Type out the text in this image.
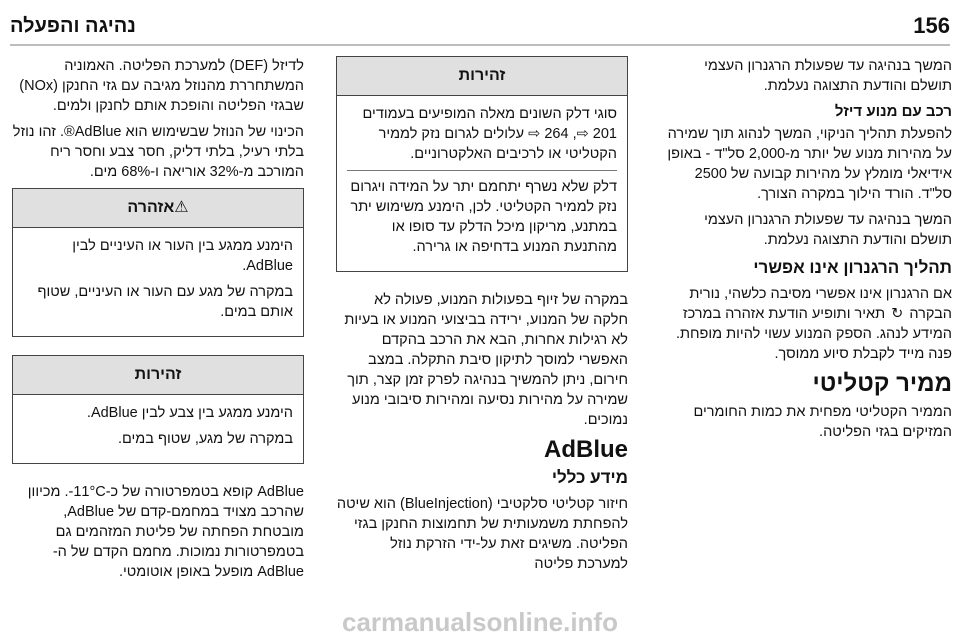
156
נהיגה והפעלה

המשך בנהיגה עד שפעולת הרגנרון העצמי תושלם והודעת התצוגה נעלמת.

רכב עם מנוע דיזל

להפעלת תהליך הניקוי, המשך לנהוג תוך שמירה על מהירות מנוע של יותר מ-2,000 סל"ד - באופן אידיאלי מומלץ על מהירות קבועה של 2500 סל"ד. הורד הילוך במקרה הצורך.

המשך בנהיגה עד שפעולת הרגנרון העצמי תושלם והודעת התצוגה נעלמת.

תהליך הרגנרון אינו אפשרי

אם הרגנרון אינו אפשרי מסיבה כלשהי, נורית הבקרה ↻ תאיר ותופיע הודעת אזהרה במרכז המידע לנהג. הספק המנוע עשוי להיות מופחת. פנה מייד לקבלת סיוע ממוסך.

ממיר קטליטי

הממיר הקטליטי מפחית את כמות החומרים המזיקים בגזי הפליטה.

זהירות

סוגי דלק השונים מאלה המופיעים בעמודים 201 ⇨, 264 ⇨ עלולים לגרום נזק לממיר הקטליטי או לרכיבים האלקטרוניים.

דלק שלא נשרף יתחמם יתר על המידה ויגרום נזק לממיר הקטליטי. לכן, הימנע משימוש יתר במתנע, מריקון מיכל הדלק עד סופו או מהתנעת המנוע בדחיפה או גרירה.

במקרה של זיוף בפעולות המנוע, פעולה לא חלקה של המנוע, ירידה בביצועי המנוע או בעיות לא רגילות אחרות, הבא את הרכב בהקדם האפשרי למוסך לתיקון סיבת התקלה. במצב חירום, ניתן להמשיך בנהיגה לפרק זמן קצר, תוך שמירה על מהירות נסיעה ומהירות סיבובי מנוע נמוכים.

AdBlue
מידע כללי

חיזור קטליטי סלקטיבי (BlueInjection) הוא שיטה להפחתת משמעותית של תחמוצות החנקן בגזי הפליטה. משיגים זאת על-ידי הזרקת נוזל למערכת פליטה

לדיזל (DEF) למערכת הפליטה. האמוניה המשתחררת מהנוזל מגיבה עם גזי החנקן (NOx) שבגזי הפליטה והופכת אותם לחנקן ולמים.

הכינוי של הנוזל שבשימוש הוא AdBlue®. זהו נוזל בלתי רעיל, בלתי דליק, חסר צבע וחסר ריח המורכב מ-32% אוריאה ו-68% מים.

⚠אזהרה

הימנע ממגע בין העור או העיניים לבין AdBlue.

במקרה של מגע עם העור או העיניים, שטוף אותם במים.

זהירות

הימנע ממגע בין צבע לבין AdBlue.

במקרה של מגע, שטוף במים.

AdBlue קופא בטמפרטורה של כ-11°C-. מכיוון שהרכב מצויד במחמם-קדם של AdBlue, מובטחת הפחתה של פליטת המזהמים גם בטמפרטורות נמוכות. מחמם הקדם של ה-AdBlue מופעל באופן אוטומטי.

carmanualsonline.info
